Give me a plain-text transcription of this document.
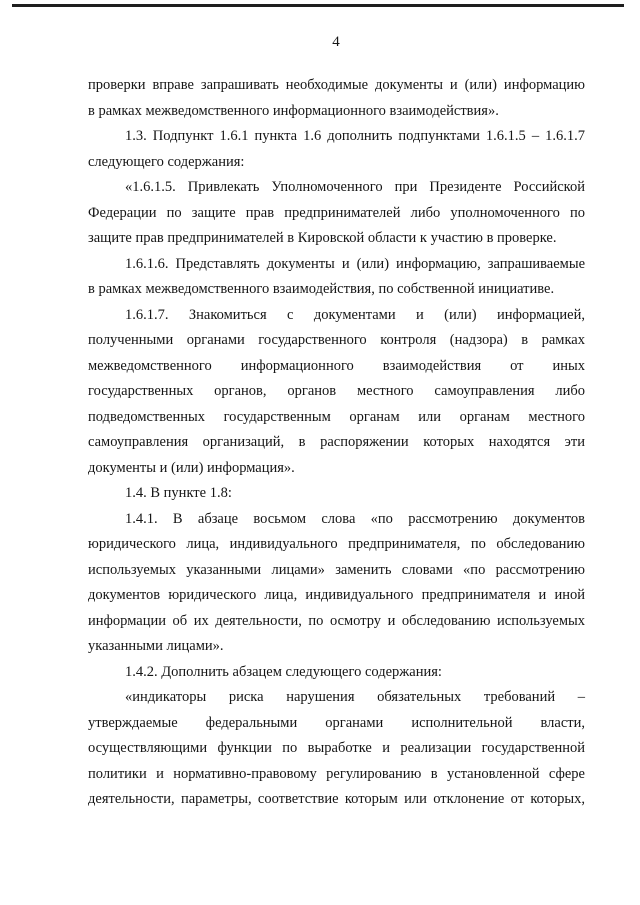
4
проверки вправе запрашивать необходимые документы и (или) информацию
в рамках межведомственного информационного взаимодействия».
1.3. Подпункт 1.6.1 пункта 1.6 дополнить подпунктами 1.6.1.5 – 1.6.1.7
следующего содержания:
«1.6.1.5. Привлекать Уполномоченного при Президенте Российской
Федерации по защите прав предпринимателей либо уполномоченного по
защите прав предпринимателей в Кировской области к участию в проверке.
1.6.1.6. Представлять документы и (или) информацию, запрашиваемые
в рамках межведомственного взаимодействия, по собственной инициативе.
1.6.1.7. Знакомиться с документами и (или) информацией,
полученными органами государственного контроля (надзора) в рамках
межведомственного информационного взаимодействия от иных
государственных органов, органов местного самоуправления либо
подведомственных государственным органам или органам местного
самоуправления организаций, в распоряжении которых находятся эти
документы и (или) информация».
1.4. В пункте 1.8:
1.4.1. В абзаце восьмом слова «по рассмотрению документов
юридического лица, индивидуального предпринимателя, по обследованию
используемых указанными лицами» заменить словами «по рассмотрению
документов юридического лица, индивидуального предпринимателя и иной
информации об их деятельности, по осмотру и обследованию используемых
указанными лицами».
1.4.2. Дополнить абзацем следующего содержания:
«индикаторы риска нарушения обязательных требований –
утверждаемые федеральными органами исполнительной власти,
осуществляющими функции по выработке и реализации государственной
политики и нормативно-правовому регулированию в установленной сфере
деятельности, параметры, соответствие которым или отклонение от которых,
